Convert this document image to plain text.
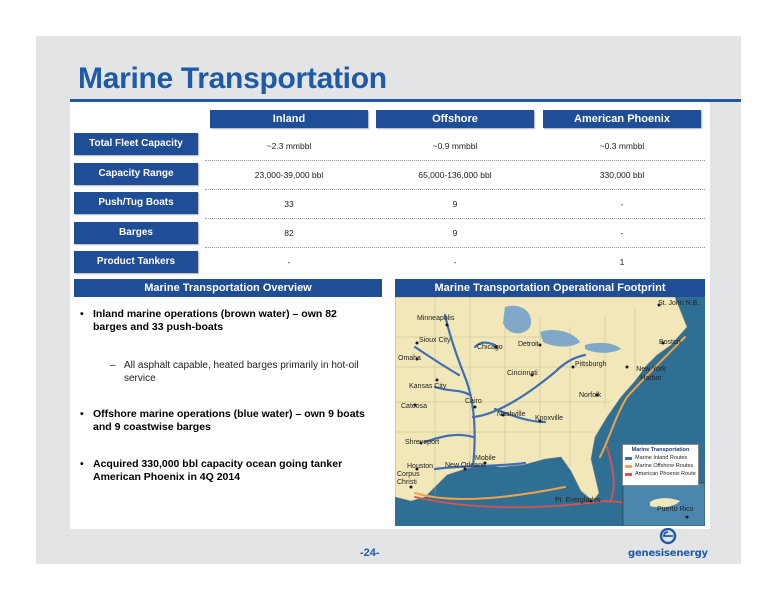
Marine Transportation
Inland	Offshore	American Phoenix
Total Fleet Capacity	~2.3 mmbbl	~0.9 mmbbl	~0.3 mmbbl
Capacity Range	23,000-39,000 bbl	65,000-136,000 bbl	330,000 bbl
Push/Tug Boats	33	9	-
Barges	82	9	-
Product Tankers	-	-	1
Marine Transportation Overview	Marine Transportation Operational Footprint
• Inland marine operations (brown water) – own 82 barges and 33 push-boats
– All asphalt capable, heated barges primarily in hot-oil service
• Offshore marine operations (blue water) – own 9 boats and 9 coastwise barges
• Acquired 330,000 bbl capacity ocean going tanker American Phoenix in 4Q 2014
Minneapolis
Sioux City
Chicago Detroit
Omaha
Pittsburgh
Kansas City
Cincinnati
New York Harbor
Boston
St. John N.B.
Catoosa
Cairo
Norfolk
Nashville
Knoxville
Shreveport
Mobile
Houston New Orleans
Corpus Christi
Pt. Everglades
Puerto Rico
Marine Transportation
Marine Inland Routes
Marine Offshore Routes
American Phoenix Route
-24-	genesisenergy
